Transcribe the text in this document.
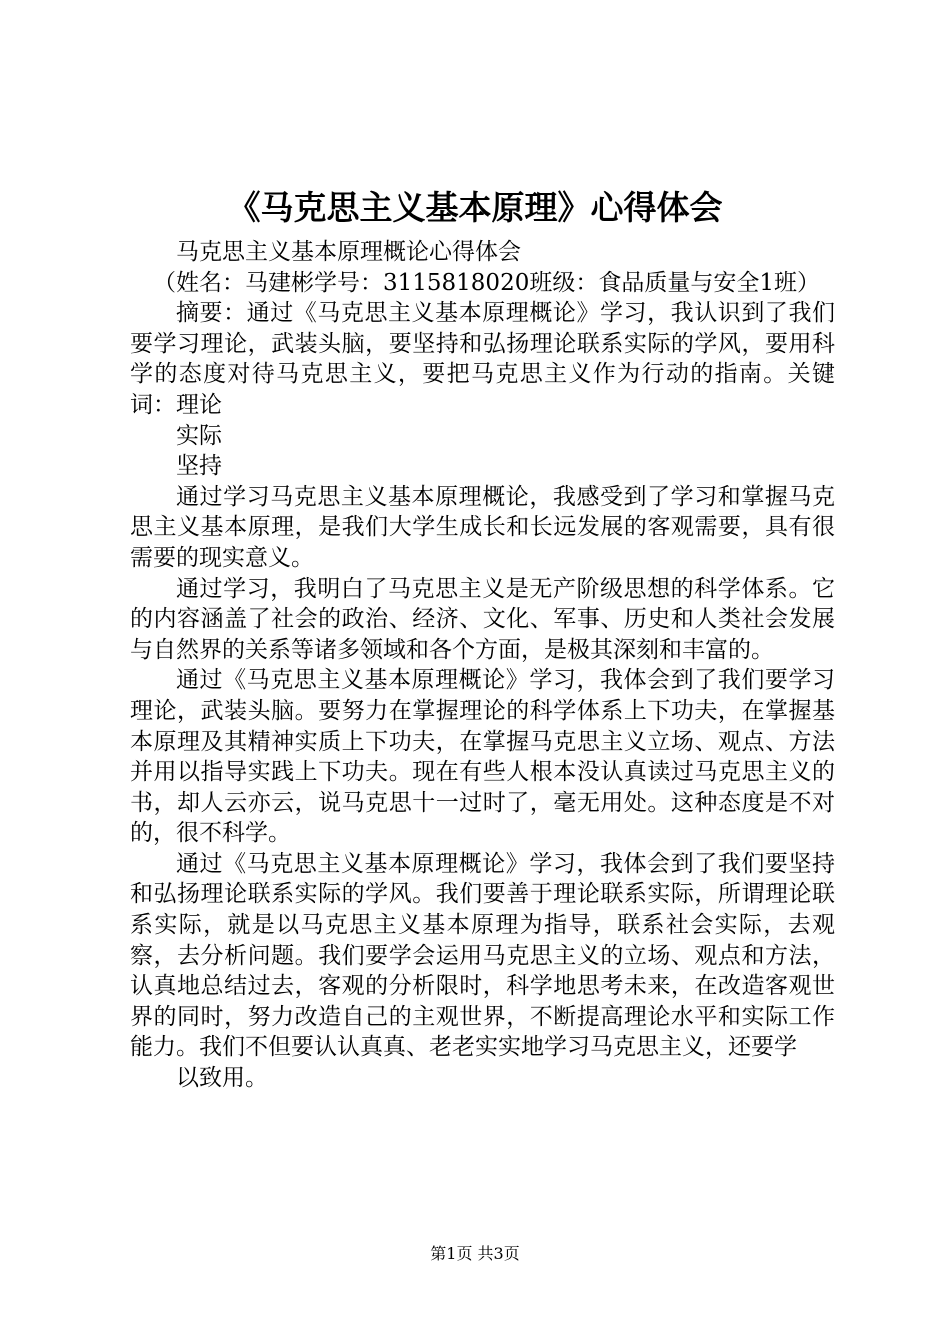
《马克思主义基本原理》心得体会

马克思主义基本原理概论心得体会

（姓名：马建彬学号：3115818020班级：食品质量与安全1班）

摘要：通过《马克思主义基本原理概论》学习，我认识到了我们要学习理论，武装头脑，要坚持和弘扬理论联系实际的学风，要用科学的态度对待马克思主义，要把马克思主义作为行动的指南。关键词：理论

实际

坚持

通过学习马克思主义基本原理概论，我感受到了学习和掌握马克思主义基本原理，是我们大学生成长和长远发展的客观需要，具有很需要的现实意义。

通过学习，我明白了马克思主义是无产阶级思想的科学体系。它的内容涵盖了社会的政治、经济、文化、军事、历史和人类社会发展与自然界的关系等诸多领域和各个方面，是极其深刻和丰富的。

通过《马克思主义基本原理概论》学习，我体会到了我们要学习理论，武装头脑。要努力在掌握理论的科学体系上下功夫，在掌握基本原理及其精神实质上下功夫，在掌握马克思主义立场、观点、方法并用以指导实践上下功夫。现在有些人根本没认真读过马克思主义的书，却人云亦云，说马克思十一过时了，毫无用处。这种态度是不对的，很不科学。

通过《马克思主义基本原理概论》学习，我体会到了我们要坚持和弘扬理论联系实际的学风。我们要善于理论联系实际，所谓理论联系实际，就是以马克思主义基本原理为指导，联系社会实际，去观察，去分析问题。我们要学会运用马克思主义的立场、观点和方法，认真地总结过去，客观的分析限时，科学地思考未来，在改造客观世界的同时，努力改造自己的主观世界，不断提高理论水平和实际工作能力。我们不但要认认真真、老老实实地学习马克思主义，还要学

以致用。

第1页 共3页
